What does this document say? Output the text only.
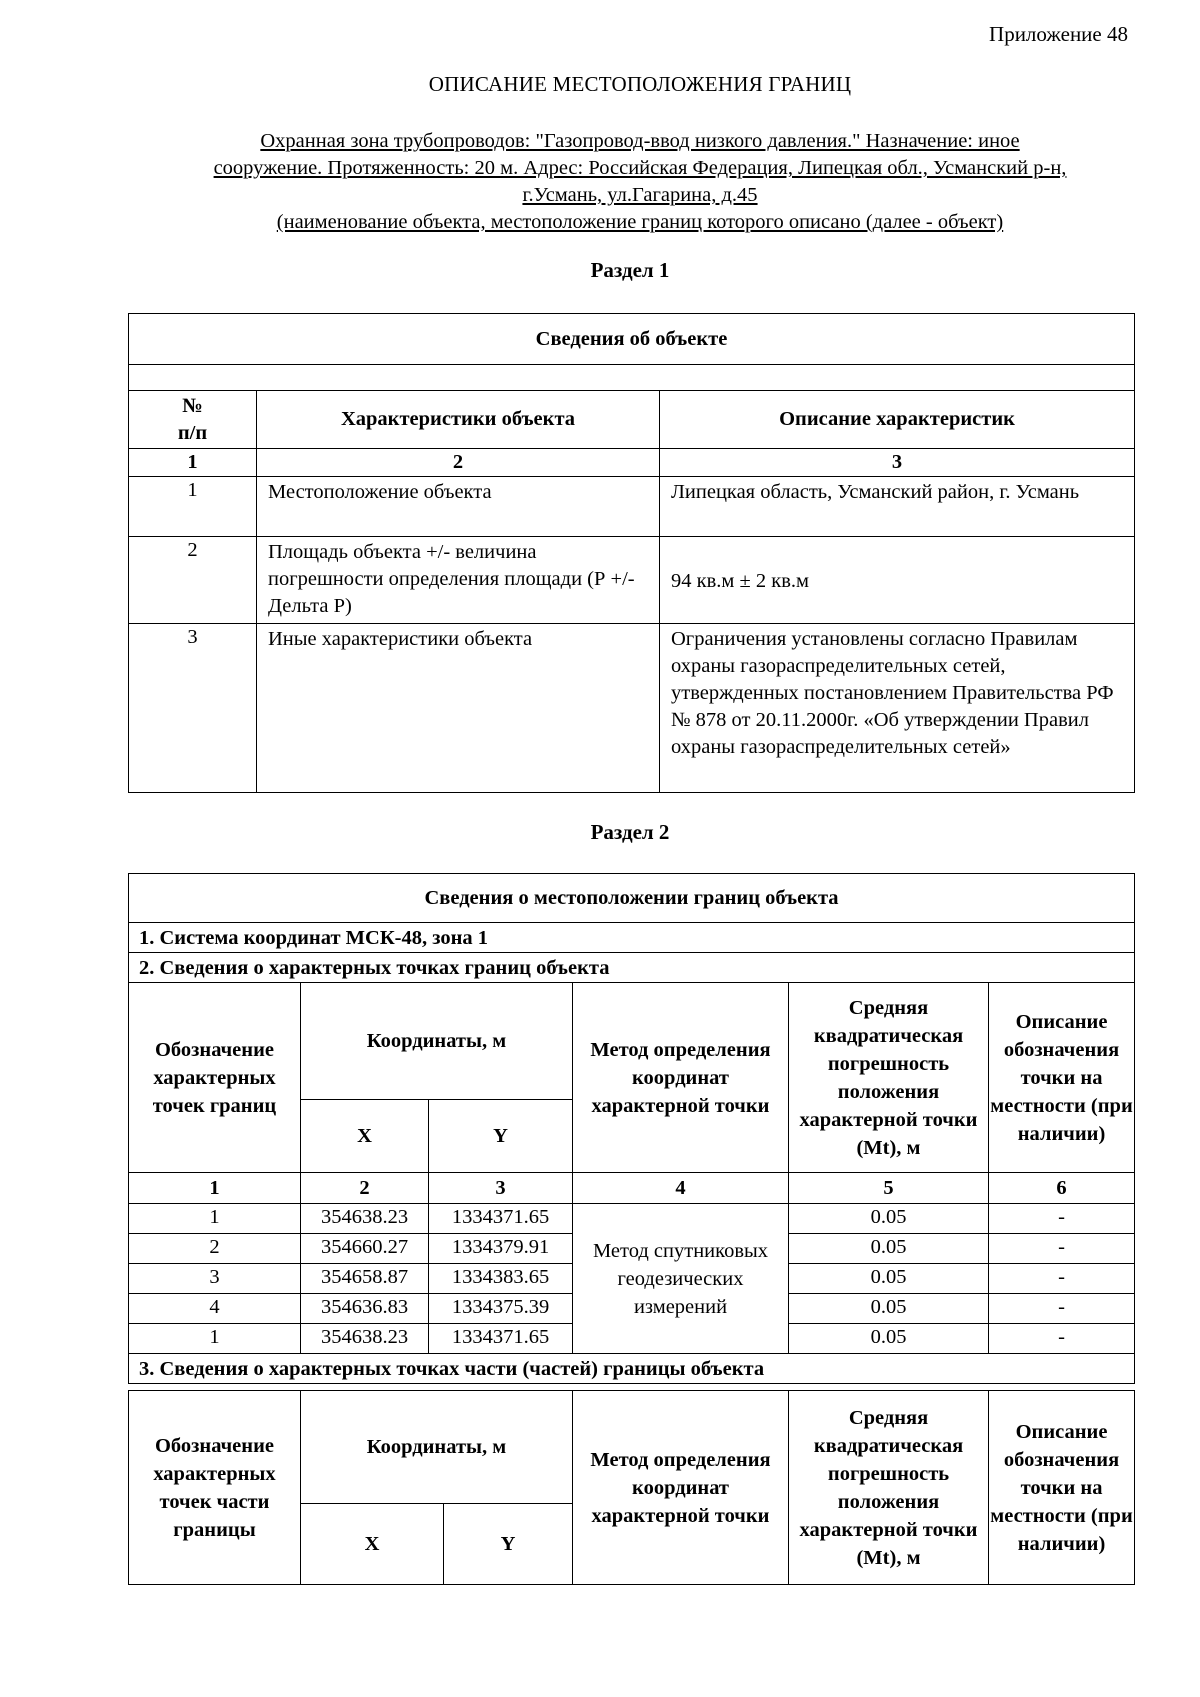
Приложение 48
ОПИСАНИЕ МЕСТОПОЛОЖЕНИЯ ГРАНИЦ
Охранная зона трубопроводов: "Газопровод-ввод низкого давления." Назначение: иное
сооружение. Протяженность: 20 м. Адрес: Российская Федерация, Липецкая обл., Усманский р-н,
г.Усмань, ул.Гагарина, д.45
(наименование объекта, местоположение границ которого описано (далее - объект)
Раздел 1
Сведения об объекте		

№
п/п	Характеристики объекта	Описание характеристик
1	2	3
1	Местоположение объекта	Липецкая область, Усманский район, г. Усмань
2	Площадь объекта +/- величина погрешности определения площади (Р +/- Дельта Р)	94 кв.м ± 2 кв.м
3	Иные характеристики объекта	Ограничения установлены согласно Правилам охраны газораспределительных сетей, утвержденных постановлением Правительства РФ № 878 от 20.11.2000г. «Об утверждении Правил охраны газораспределительных сетей»
Раздел 2
Сведения о местоположении границ объекта					
1. Система координат МСК-48, зона 1					
2. Сведения о характерных точках границ объекта					
Обозначение характерных точек границ	Координаты, м		Метод определения координат характерной точки	Средняя квадратическая погрешность положения характерной точки (Mt), м	Описание обозначения точки на местности (при наличии)
	X	Y			
1	2	3	4	5	6
1	354638.23	1334371.65	Метод спутниковых геодезических измерений	0.05	-
2	354660.27	1334379.91		0.05	-
3	354658.87	1334383.65		0.05	-
4	354636.83	1334375.39		0.05	-
1	354638.23	1334371.65		0.05	-
3. Сведения о характерных точках части (частей) границы объекта					
Обозначение характерных точек части границы	Координаты, м		Метод определения координат характерной точки	Средняя квадратическая погрешность положения характерной точки (Mt), м	Описание обозначения точки на местности (при наличии)
	X	Y			
